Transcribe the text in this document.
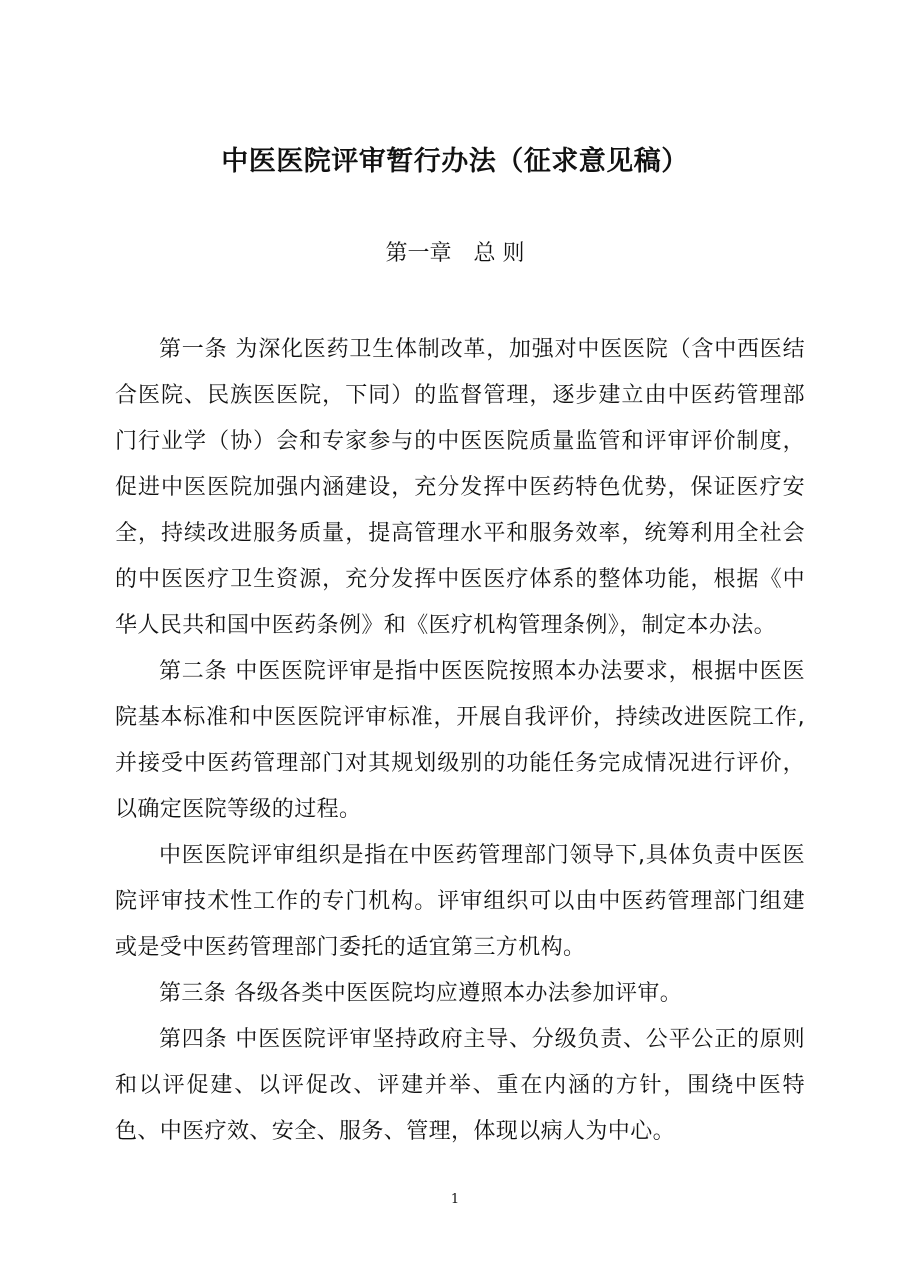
中医医院评审暂行办法（征求意见稿）
第一章　总 则

第一条 为深化医药卫生体制改革，加强对中医医院（含中西医结合医院、民族医医院，下同）的监督管理，逐步建立由中医药管理部门行业学（协）会和专家参与的中医医院质量监管和评审评价制度，促进中医医院加强内涵建设，充分发挥中医药特色优势，保证医疗安全，持续改进服务质量，提高管理水平和服务效率，统筹利用全社会的中医医疗卫生资源，充分发挥中医医疗体系的整体功能，根据《中华人民共和国中医药条例》和《医疗机构管理条例》，制定本办法。

第二条 中医医院评审是指中医医院按照本办法要求，根据中医医院基本标准和中医医院评审标准，开展自我评价，持续改进医院工作,并接受中医药管理部门对其规划级别的功能任务完成情况进行评价，以确定医院等级的过程。

中医医院评审组织是指在中医药管理部门领导下,具体负责中医医院评审技术性工作的专门机构。评审组织可以由中医药管理部门组建或是受中医药管理部门委托的适宜第三方机构。

第三条 各级各类中医医院均应遵照本办法参加评审。

第四条 中医医院评审坚持政府主导、分级负责、公平公正的原则和以评促建、以评促改、评建并举、重在内涵的方针，围绕中医特色、中医疗效、安全、服务、管理，体现以病人为中心。

1
